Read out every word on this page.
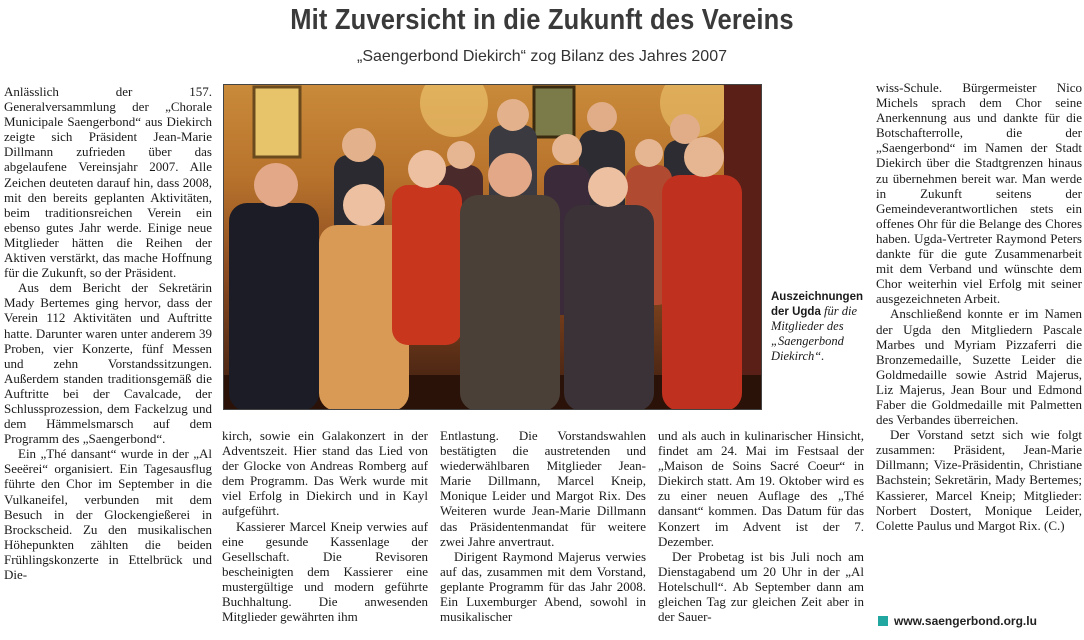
Mit Zuversicht in die Zukunft des Vereins
„Saengerbond Diekirch“ zog Bilanz des Jahres 2007

Anlässlich der 157. Generalversammlung der „Chorale Municipale Saengerbond“ aus Diekirch zeigte sich Präsident Jean-Marie Dillmann zufrieden über das abgelaufene Vereinsjahr 2007. Alle Zeichen deuteten darauf hin, dass 2008, mit den bereits geplanten Aktivitäten, beim traditionsreichen Verein ein ebenso gutes Jahr werde. Einige neue Mitglieder hätten die Reihen der Aktiven verstärkt, das mache Hoffnung für die Zukunft, so der Präsident.

Aus dem Bericht der Sekretärin Mady Bertemes ging hervor, dass der Verein 112 Aktivitäten und Auftritte hatte. Darunter waren unter anderem 39 Proben, vier Konzerte, fünf Messen und zehn Vorstandssitzungen. Außerdem standen traditionsgemäß die Auftritte bei der Cavalcade, der Schlussprozession, dem Fackelzug und dem Hämmelsmarsch auf dem Programm des „Saengerbond“.

Ein „Thé dansant“ wurde in der „Al Seeërei“ organisiert. Ein Tagesausflug führte den Chor im September in die Vulkaneifel, verbunden mit dem Besuch in der Glockengießerei in Brockscheid. Zu den musikalischen Höhepunkten zählten die beiden Frühlingskonzerte in Ettelbrück und Die-

Auszeichnungen der Ugda für die Mitglieder des „Saengerbond Diekirch“.

kirch, sowie ein Galakonzert in der Adventszeit. Hier stand das Lied von der Glocke von Andreas Romberg auf dem Programm. Das Werk wurde mit viel Erfolg in Diekirch und in Kayl aufgeführt.

Kassierer Marcel Kneip verwies auf eine gesunde Kassenlage der Gesellschaft. Die Revisoren bescheinigten dem Kassierer eine mustergültige und modern geführte Buchhaltung. Die anwesenden Mitglieder gewährten ihm

Entlastung. Die Vorstandswahlen bestätigten die austretenden und wiederwählbaren Mitglieder Jean-Marie Dillmann, Marcel Kneip, Monique Leider und Margot Rix. Des Weiteren wurde Jean-Marie Dillmann das Präsidentenmandat für weitere zwei Jahre anvertraut.

Dirigent Raymond Majerus verwies auf das, zusammen mit dem Vorstand, geplante Programm für das Jahr 2008. Ein Luxemburger Abend, sowohl in musikalischer

und als auch in kulinarischer Hinsicht, findet am 24. Mai im Festsaal der „Maison de Soins Sacré Coeur“ in Diekirch statt. Am 19. Oktober wird es zu einer neuen Auflage des „Thé dansant“ kommen. Das Datum für das Konzert im Advent ist der 7. Dezember.

Der Probetag ist bis Juli noch am Dienstagabend um 20 Uhr in der „Al Hotelschull“. Ab September dann am gleichen Tag zur gleichen Zeit aber in der Sauer-

wiss-Schule. Bürgermeister Nico Michels sprach dem Chor seine Anerkennung aus und dankte für die Botschafterrolle, die der „Saengerbond“ im Namen der Stadt Diekirch über die Stadtgrenzen hinaus zu übernehmen bereit war. Man werde in Zukunft seitens der Gemeindeverantwortlichen stets ein offenes Ohr für die Belange des Chores haben. Ugda-Vertreter Raymond Peters dankte für die gute Zusammenarbeit mit dem Verband und wünschte dem Chor weiterhin viel Erfolg mit seiner ausgezeichneten Arbeit.

Anschließend konnte er im Namen der Ugda den Mitgliedern Pascale Marbes und Myriam Pizzaferri die Bronzemedaille, Suzette Leider die Goldmedaille sowie Astrid Majerus, Liz Majerus, Jean Bour und Edmond Faber die Goldmedaille mit Palmetten des Verbandes überreichen.

Der Vorstand setzt sich wie folgt zusammen: Präsident, Jean-Marie Dillmann; Vize-Präsidentin, Christiane Bachstein; Sekretärin, Mady Bertemes; Kassierer, Marcel Kneip; Mitglieder: Norbert Dostert, Monique Leider, Colette Paulus und Margot Rix. (C.)

www.saengerbond.org.lu
